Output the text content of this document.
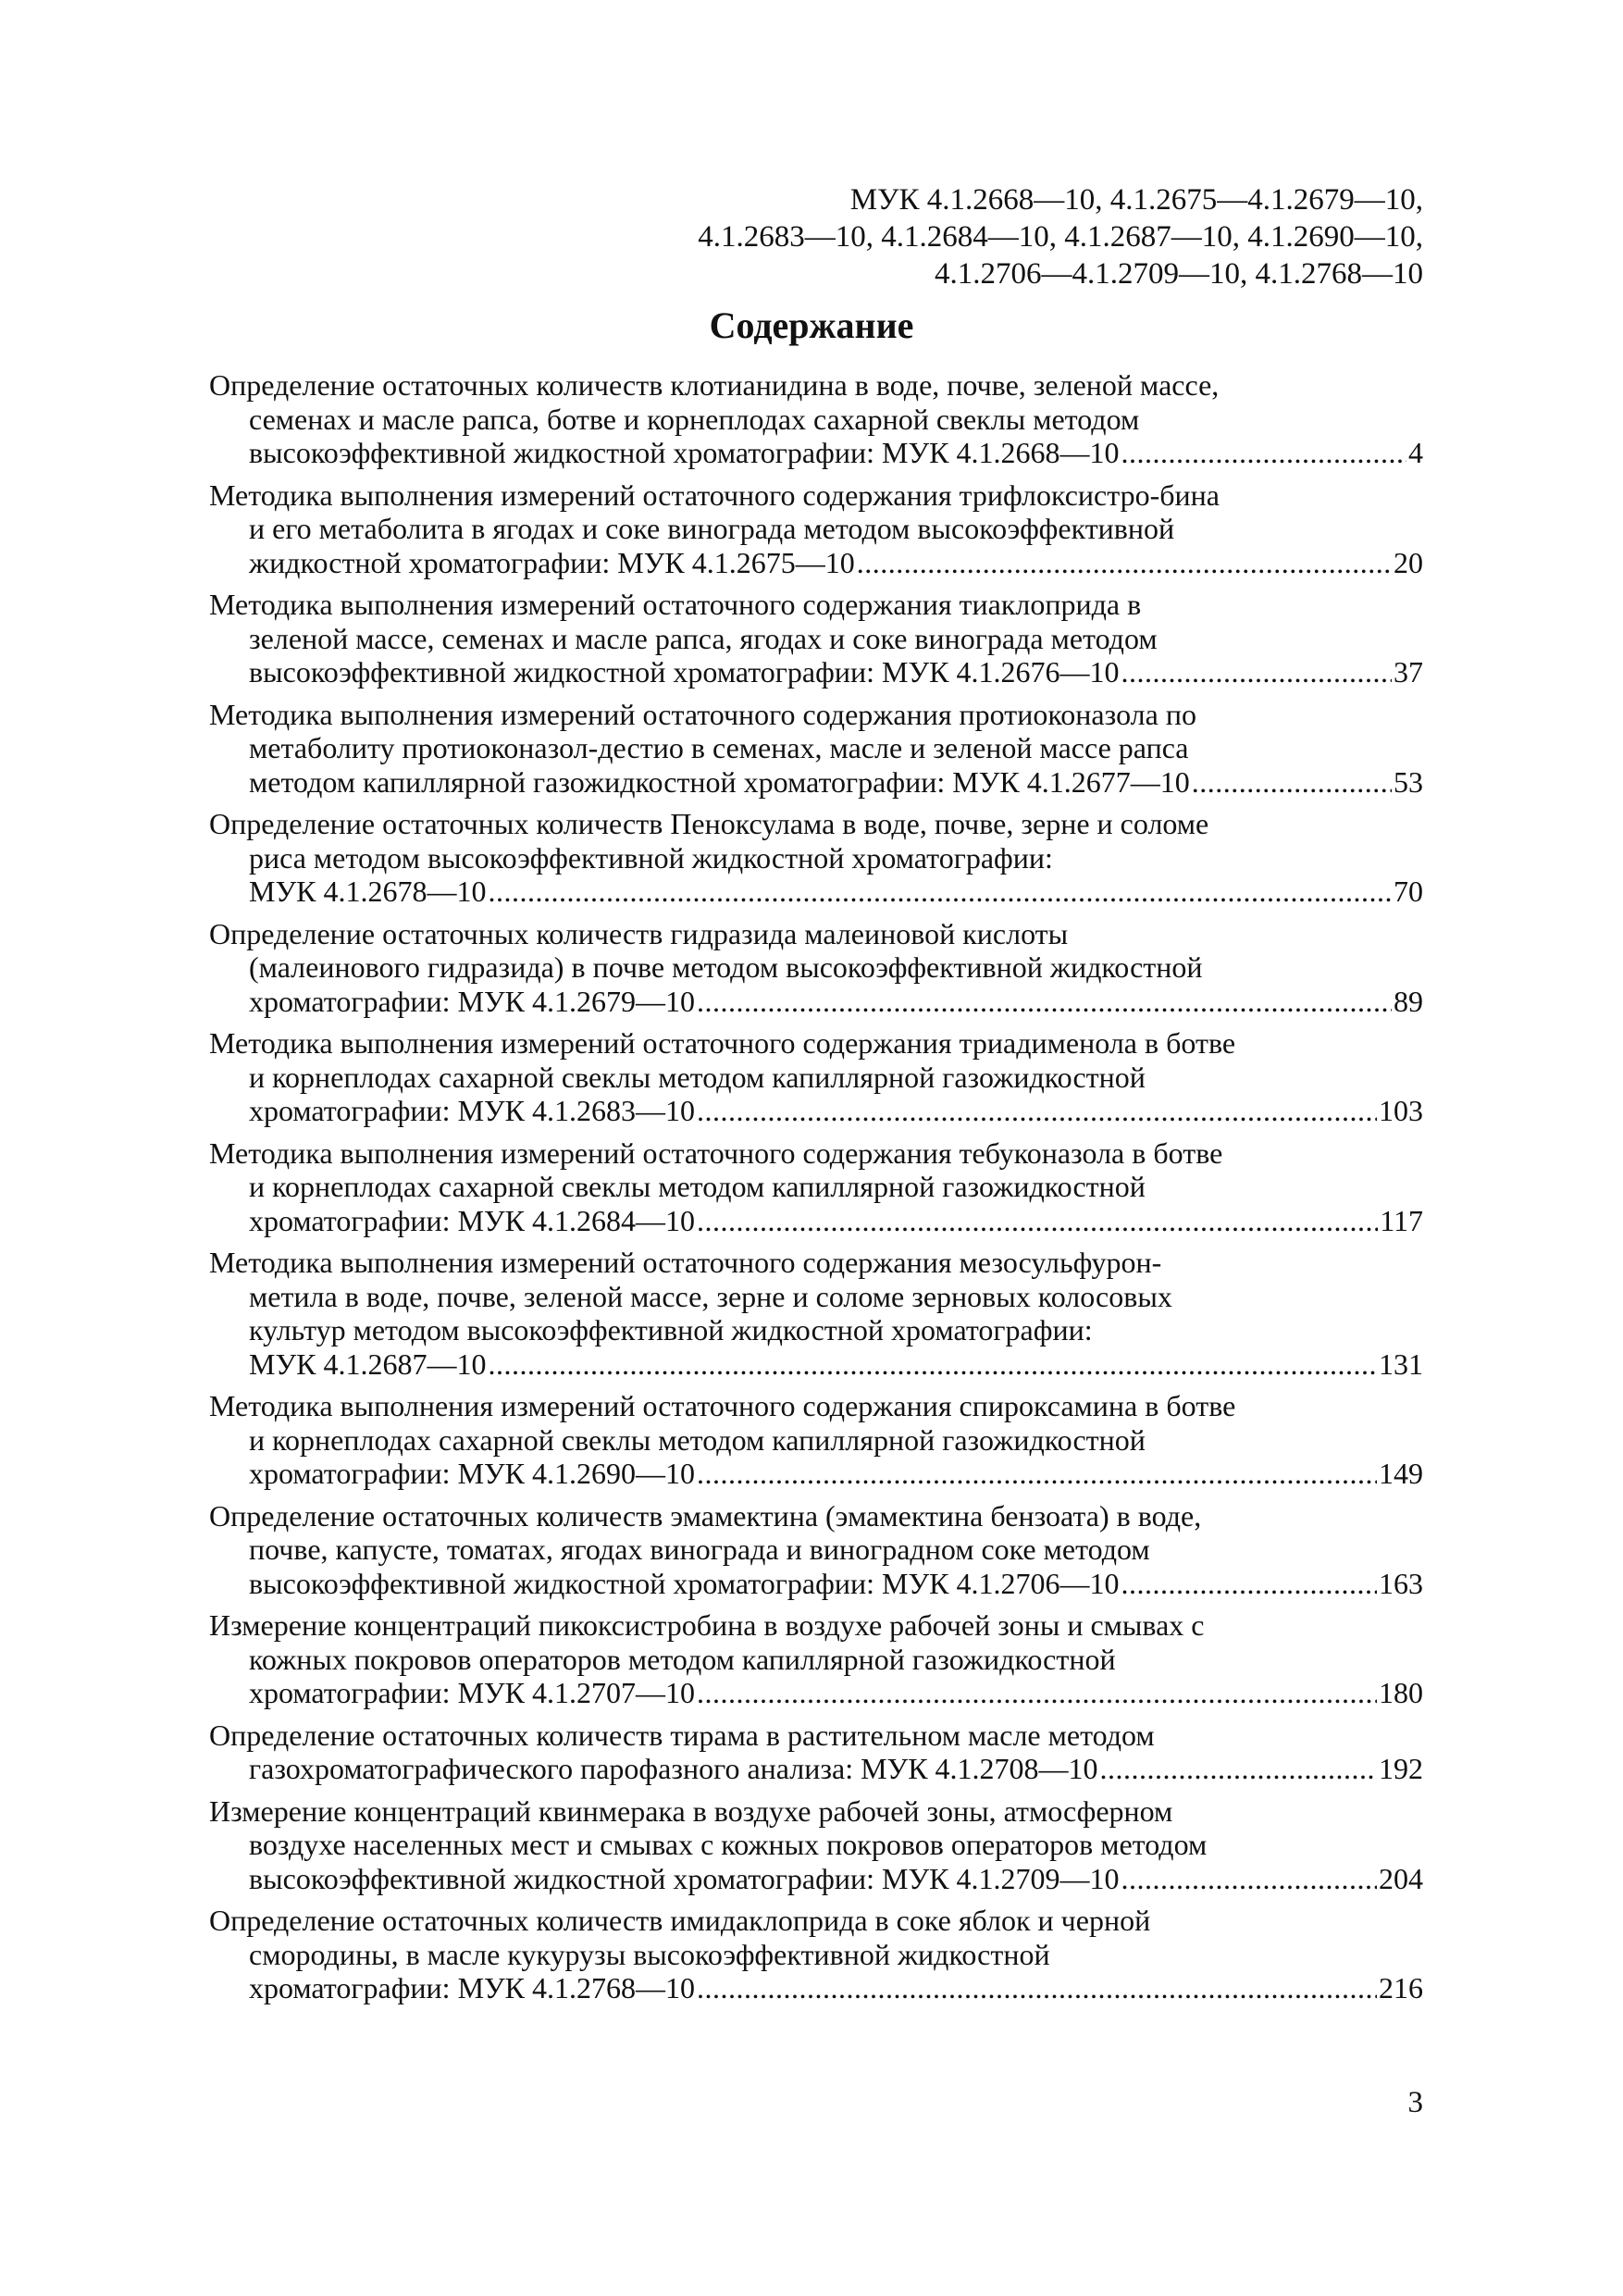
МУК 4.1.2668—10, 4.1.2675—4.1.2679—10,
4.1.2683—10, 4.1.2684—10, 4.1.2687—10, 4.1.2690—10,
4.1.2706—4.1.2709—10, 4.1.2768—10
Содержание
Определение остаточных количеств клотианидина в воде, почве, зеленой массе,
семенах и масле рапса, ботве и корнеплодах сахарной свеклы методом
высокоэффективной жидкостной хроматографии: МУК 4.1.2668—10 .....	4
Методика выполнения измерений остаточного содержания трифлоксистро-бина
и его метаболита в ягодах и соке винограда методом высокоэффективной
жидкостной хроматографии: МУК 4.1.2675—10 .....	20
Методика выполнения измерений остаточного содержания тиаклоприда в
зеленой массе, семенах и масле рапса, ягодах и соке винограда методом
высокоэффективной жидкостной хроматографии: МУК 4.1.2676—10 .....	37
Методика выполнения измерений остаточного содержания протиоконазола по
метаболиту протиоконазол-дестио в семенах, масле и зеленой массе рапса
методом капиллярной газожидкостной хроматографии: МУК 4.1.2677—10 .....	53
Определение остаточных количеств Пеноксулама в воде, почве, зерне и соломе
риса методом высокоэффективной жидкостной хроматографии:
МУК 4.1.2678—10 .....	70
Определение остаточных количеств гидразида малеиновой кислоты
(малеинового гидразида) в почве методом высокоэффективной жидкостной
хроматографии: МУК 4.1.2679—10 .....	89
Методика выполнения измерений остаточного содержания триадименола в ботве
и корнеплодах сахарной свеклы методом капиллярной газожидкостной
хроматографии: МУК 4.1.2683—10 .....	103
Методика выполнения измерений остаточного содержания тебуконазола в ботве
и корнеплодах сахарной свеклы методом капиллярной газожидкостной
хроматографии: МУК 4.1.2684—10 .....	117
Методика выполнения измерений остаточного содержания мезосульфурон-
метила в воде, почве, зеленой массе, зерне и соломе зерновых колосовых
культур методом высокоэффективной жидкостной хроматографии:
МУК 4.1.2687—10 .....	131
Методика выполнения измерений остаточного содержания спироксамина в ботве
и корнеплодах сахарной свеклы методом капиллярной газожидкостной
хроматографии: МУК 4.1.2690—10 .....	149
Определение остаточных количеств эмамектина (эмамектина бензоата) в воде,
почве, капусте, томатах, ягодах винограда и виноградном соке методом
высокоэффективной жидкостной хроматографии: МУК 4.1.2706—10 .....	163
Измерение концентраций пикоксистробина в воздухе рабочей зоны и смывах с
кожных покровов операторов методом капиллярной газожидкостной
хроматографии: МУК 4.1.2707—10 .....	180
Определение остаточных количеств тирама в растительном масле методом
газохроматографического парофазного анализа: МУК 4.1.2708—10 .....	192
Измерение концентраций квинмерака в воздухе рабочей зоны, атмосферном
воздухе населенных мест и смывах с кожных покровов операторов методом
высокоэффективной жидкостной хроматографии: МУК 4.1.2709—10 .....	204
Определение остаточных количеств имидаклоприда в соке яблок и черной
смородины, в масле кукурузы высокоэффективной жидкостной
хроматографии: МУК 4.1.2768—10 .....	216
3
